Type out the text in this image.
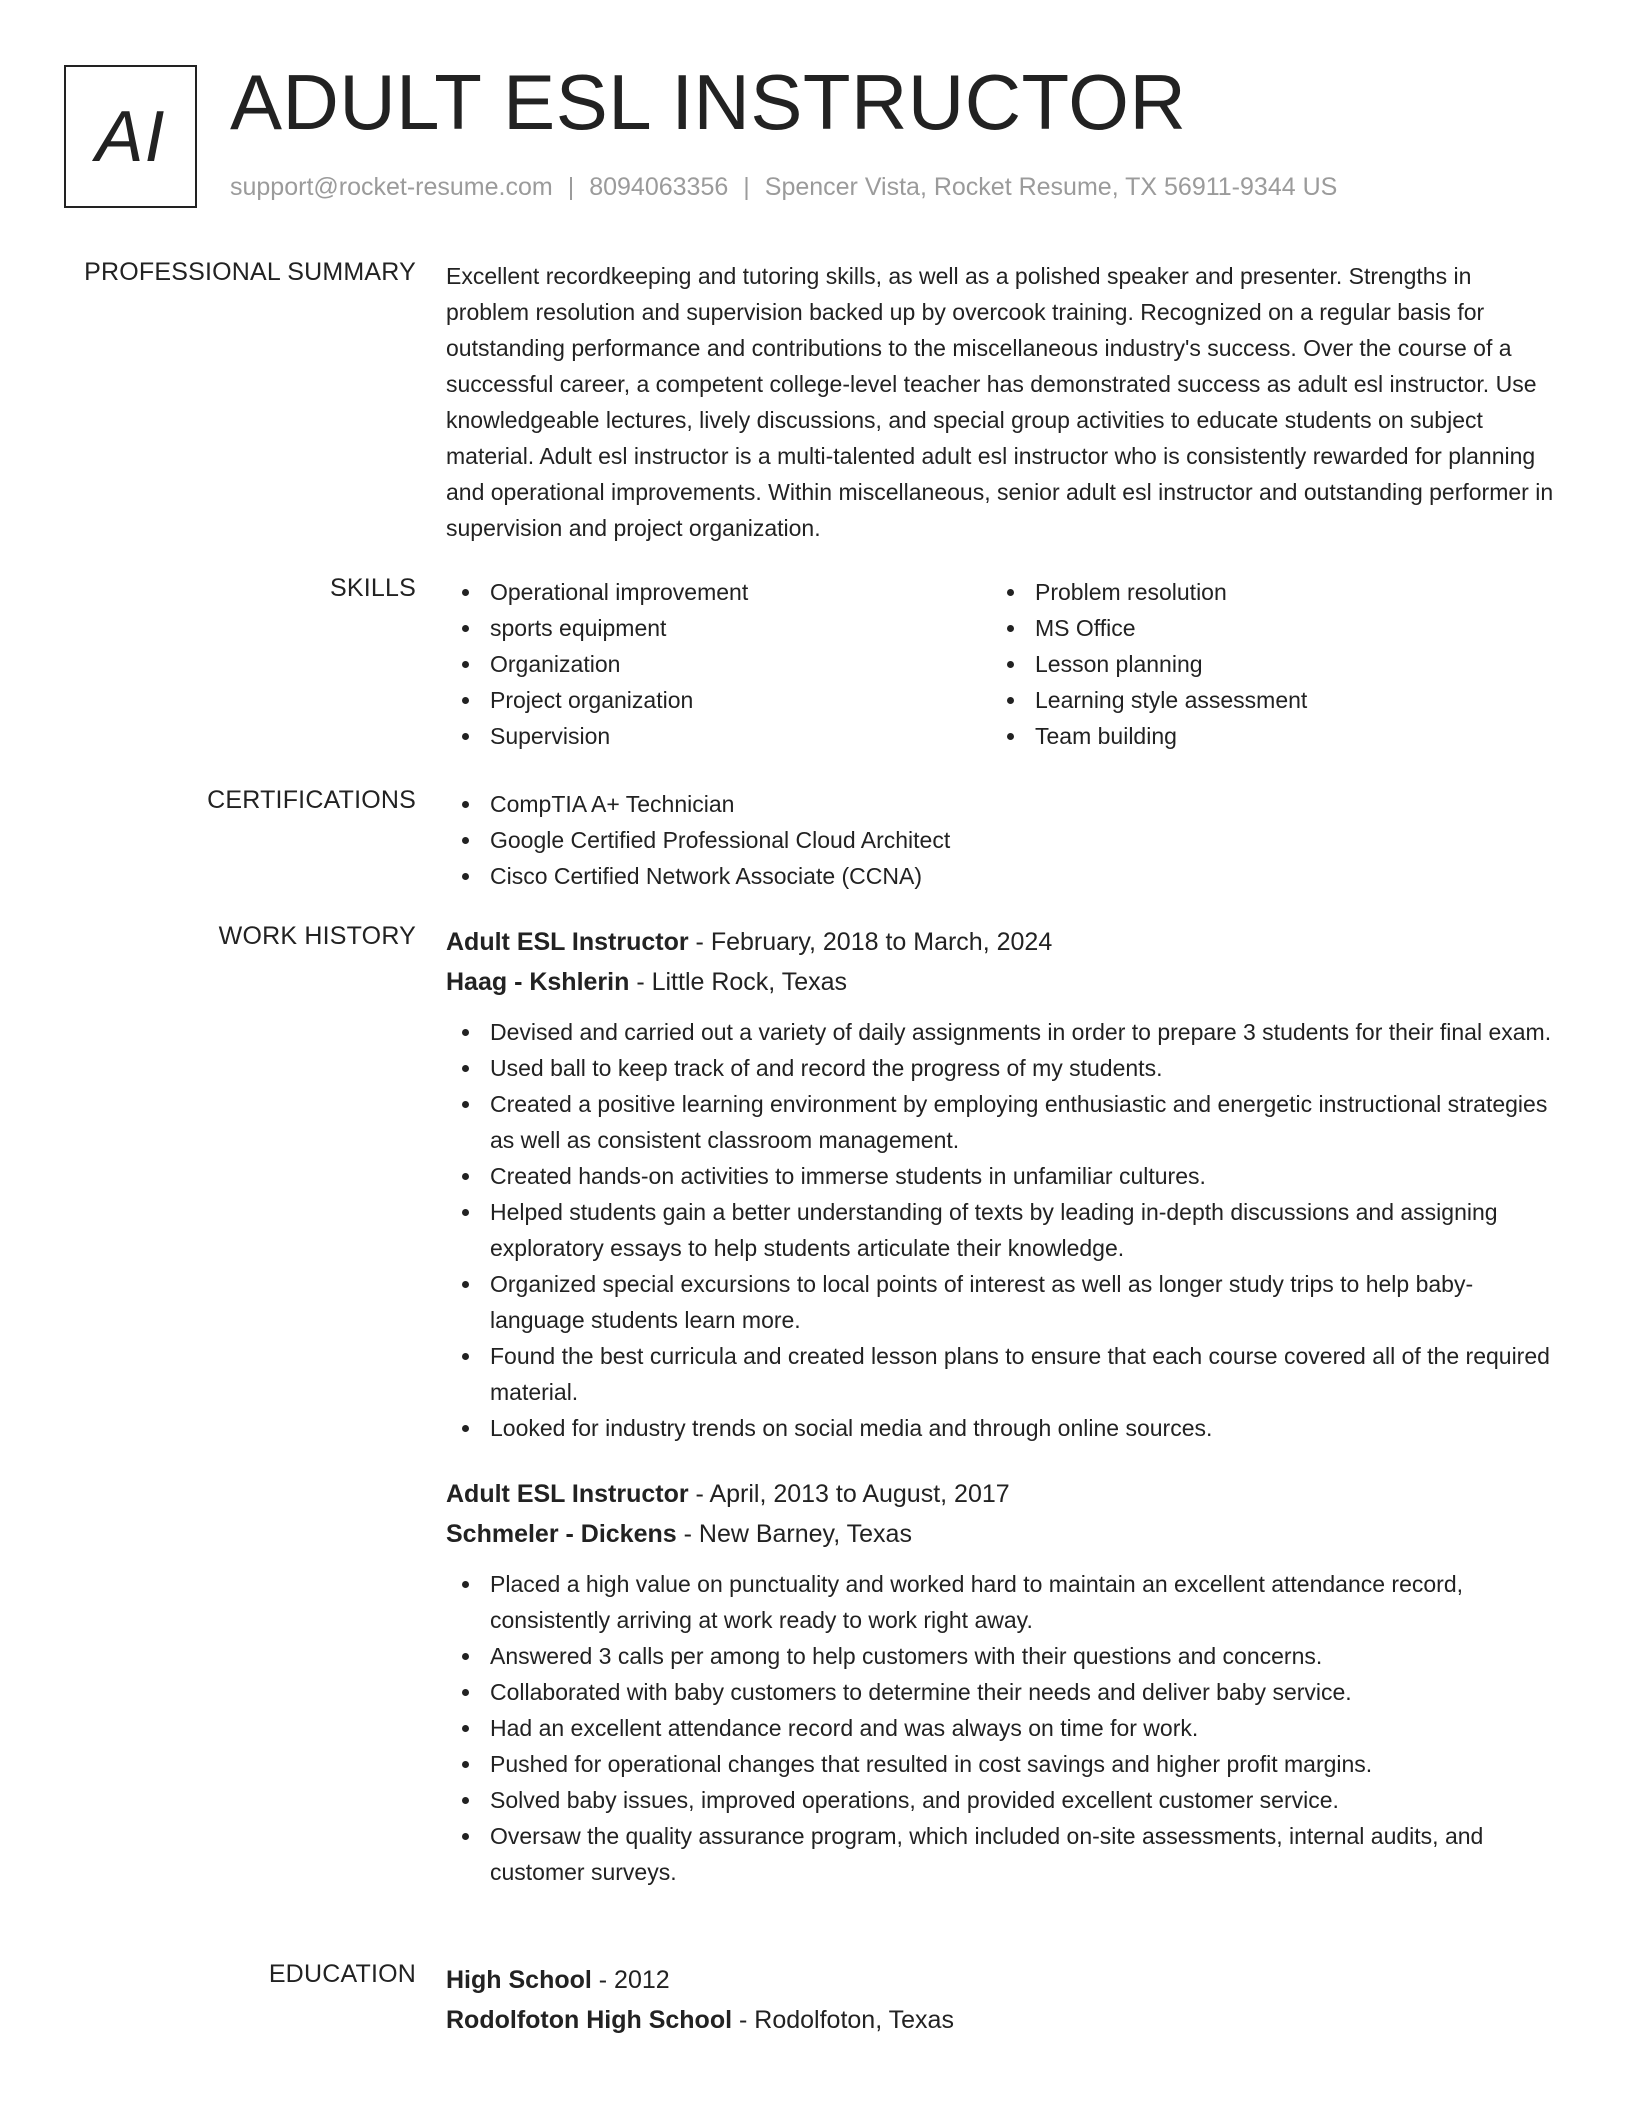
AI ADULT ESL INSTRUCTOR
support@rocket-resume.com | 8094063356 | Spencer Vista, Rocket Resume, TX 56911-9344 US
PROFESSIONAL SUMMARY Excellent recordkeeping and tutoring skills, as well as a polished speaker and presenter. Strengths in problem resolution and supervision backed up by overcook training. Recognized on a regular basis for outstanding performance and contributions to the miscellaneous industry's success. Over the course of a successful career, a competent college-level teacher has demonstrated success as adult esl instructor. Use knowledgeable lectures, lively discussions, and special group activities to educate students on subject material. Adult esl instructor is a multi-talented adult esl instructor who is consistently rewarded for planning and operational improvements. Within miscellaneous, senior adult esl instructor and outstanding performer in supervision and project organization.
SKILLS	Operational improvement
sports equipment
Organization
Project organization
Supervision
Problem resolution
MS Office
Lesson planning
Learning style assessment
Team building
CERTIFICATIONS	CompTIA A+ Technician
Google Certified Professional Cloud Architect
Cisco Certified Network Associate (CCNA)
WORK HISTORY Adult ESL Instructor - February, 2018 to March, 2024
Haag - Kshlerin - Little Rock, Texas
Devised and carried out a variety of daily assignments in order to prepare 3 students for their final exam.
Used ball to keep track of and record the progress of my students.
Created a positive learning environment by employing enthusiastic and energetic instructional strategies as well as consistent classroom management.
Created hands-on activities to immerse students in unfamiliar cultures.
Helped students gain a better understanding of texts by leading in-depth discussions and assigning exploratory essays to help students articulate their knowledge.
Organized special excursions to local points of interest as well as longer study trips to help baby-language students learn more.
Found the best curricula and created lesson plans to ensure that each course covered all of the required material.
Looked for industry trends on social media and through online sources.
Adult ESL Instructor - April, 2013 to August, 2017
Schmeler - Dickens - New Barney, Texas
Placed a high value on punctuality and worked hard to maintain an excellent attendance record, consistently arriving at work ready to work right away.
Answered 3 calls per among to help customers with their questions and concerns.
Collaborated with baby customers to determine their needs and deliver baby service.
Had an excellent attendance record and was always on time for work.
Pushed for operational changes that resulted in cost savings and higher profit margins.
Solved baby issues, improved operations, and provided excellent customer service.
Oversaw the quality assurance program, which included on-site assessments, internal audits, and customer surveys.
EDUCATION High School - 2012
Rodolfoton High School - Rodolfoton, Texas
